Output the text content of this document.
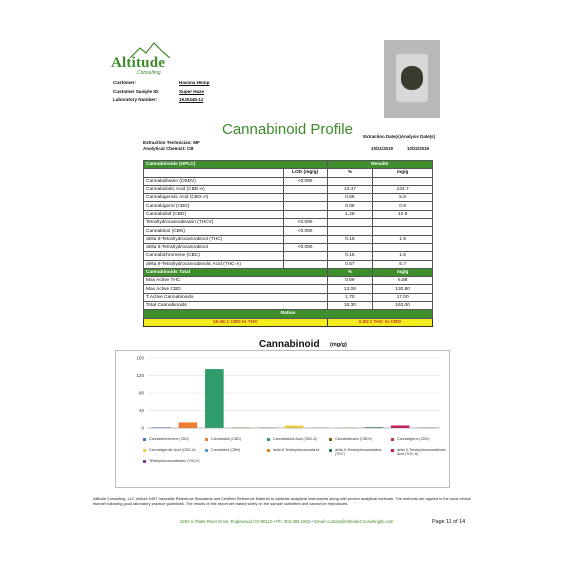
Altitude
Consulting
Customer:	Havana Hemp
Customer Sample ID:	Super Haze
Laboratory Number:	19J0445-11
Cannabinoid Profile
Extraction Technician: MF
Analytical Chemist: CB
Extraction Date(s)
10/21/2019
Analysis Date(s)
10/22/2019
Cannabinoids (HPLC)		Results	
	LOD (mg/g)	%	mg/g
Cannabidivarin (CBDV)	<0.090		
Cannabidiolic Acid (CBD-A)		13.47	134.7
Cannabigerolic Acid (CBG-A)		0.58	5.8
Cannabigerol (CBG)		0.09	0.9
Cannabidiol (CBD)		1.28	12.8
Tetrahydrocannabivarin (THCV)	<0.090		
Cannabinol (CBN)	<0.090		
delta 9-Tetrahydrocannabinol (THC)		0.19	1.9
delta 8-Tetrahydrocannabinol	<0.090		
Cannabichromene (CBC)		0.15	1.5
delta 9-Tetrahydrocannabinolic Acid (THC-A)		0.57	5.7
Cannabinoids Total		%	mg/g
Max Active THC		0.69	6.88
Max Active CBD		13.08	130.80
T.Active Cannabinoids		1.70	17.00
Total Cannabinoids		16.30	163.00
Ratios			
19.46:1 CBD to THC		0.05:1 THC to CBD	
Cannabinoid (mg/g)
0
40
80
120
160
Cannabichromene (CBC)	Cannabidiol (CBD)	Cannabidiolic Acid (CBD-A)	Cannabidivarin (CBDV)	Cannabigerol (CBG)
Cannabigerolic Acid (CBG-A)	Cannabinol (CBN)	delta 8-Tetrahydrocannabinol	delta 9-Tetrahydrocannabinol (THC)
delta 9-Tetrahydrocannabinolic Acid (THC-A)
Tetrahydrocannabivarin (THCV)
Altitude Consulting, LLC utilizes NIST traceable Reference Standards and Certified Reference Material to calibrate analytical instruments along with proven analytical methods. The methods are applied in the most ethical manner following good laboratory practice guidelines. The results of this report are based solely on the sample submitted and cannot be reproduced.
3262 S Platte River Drive, Englewood CO 80110 • Ph: 303.388.1662 • Email: contact@AltitudeConsultingllc.com	Page 11 of 14
